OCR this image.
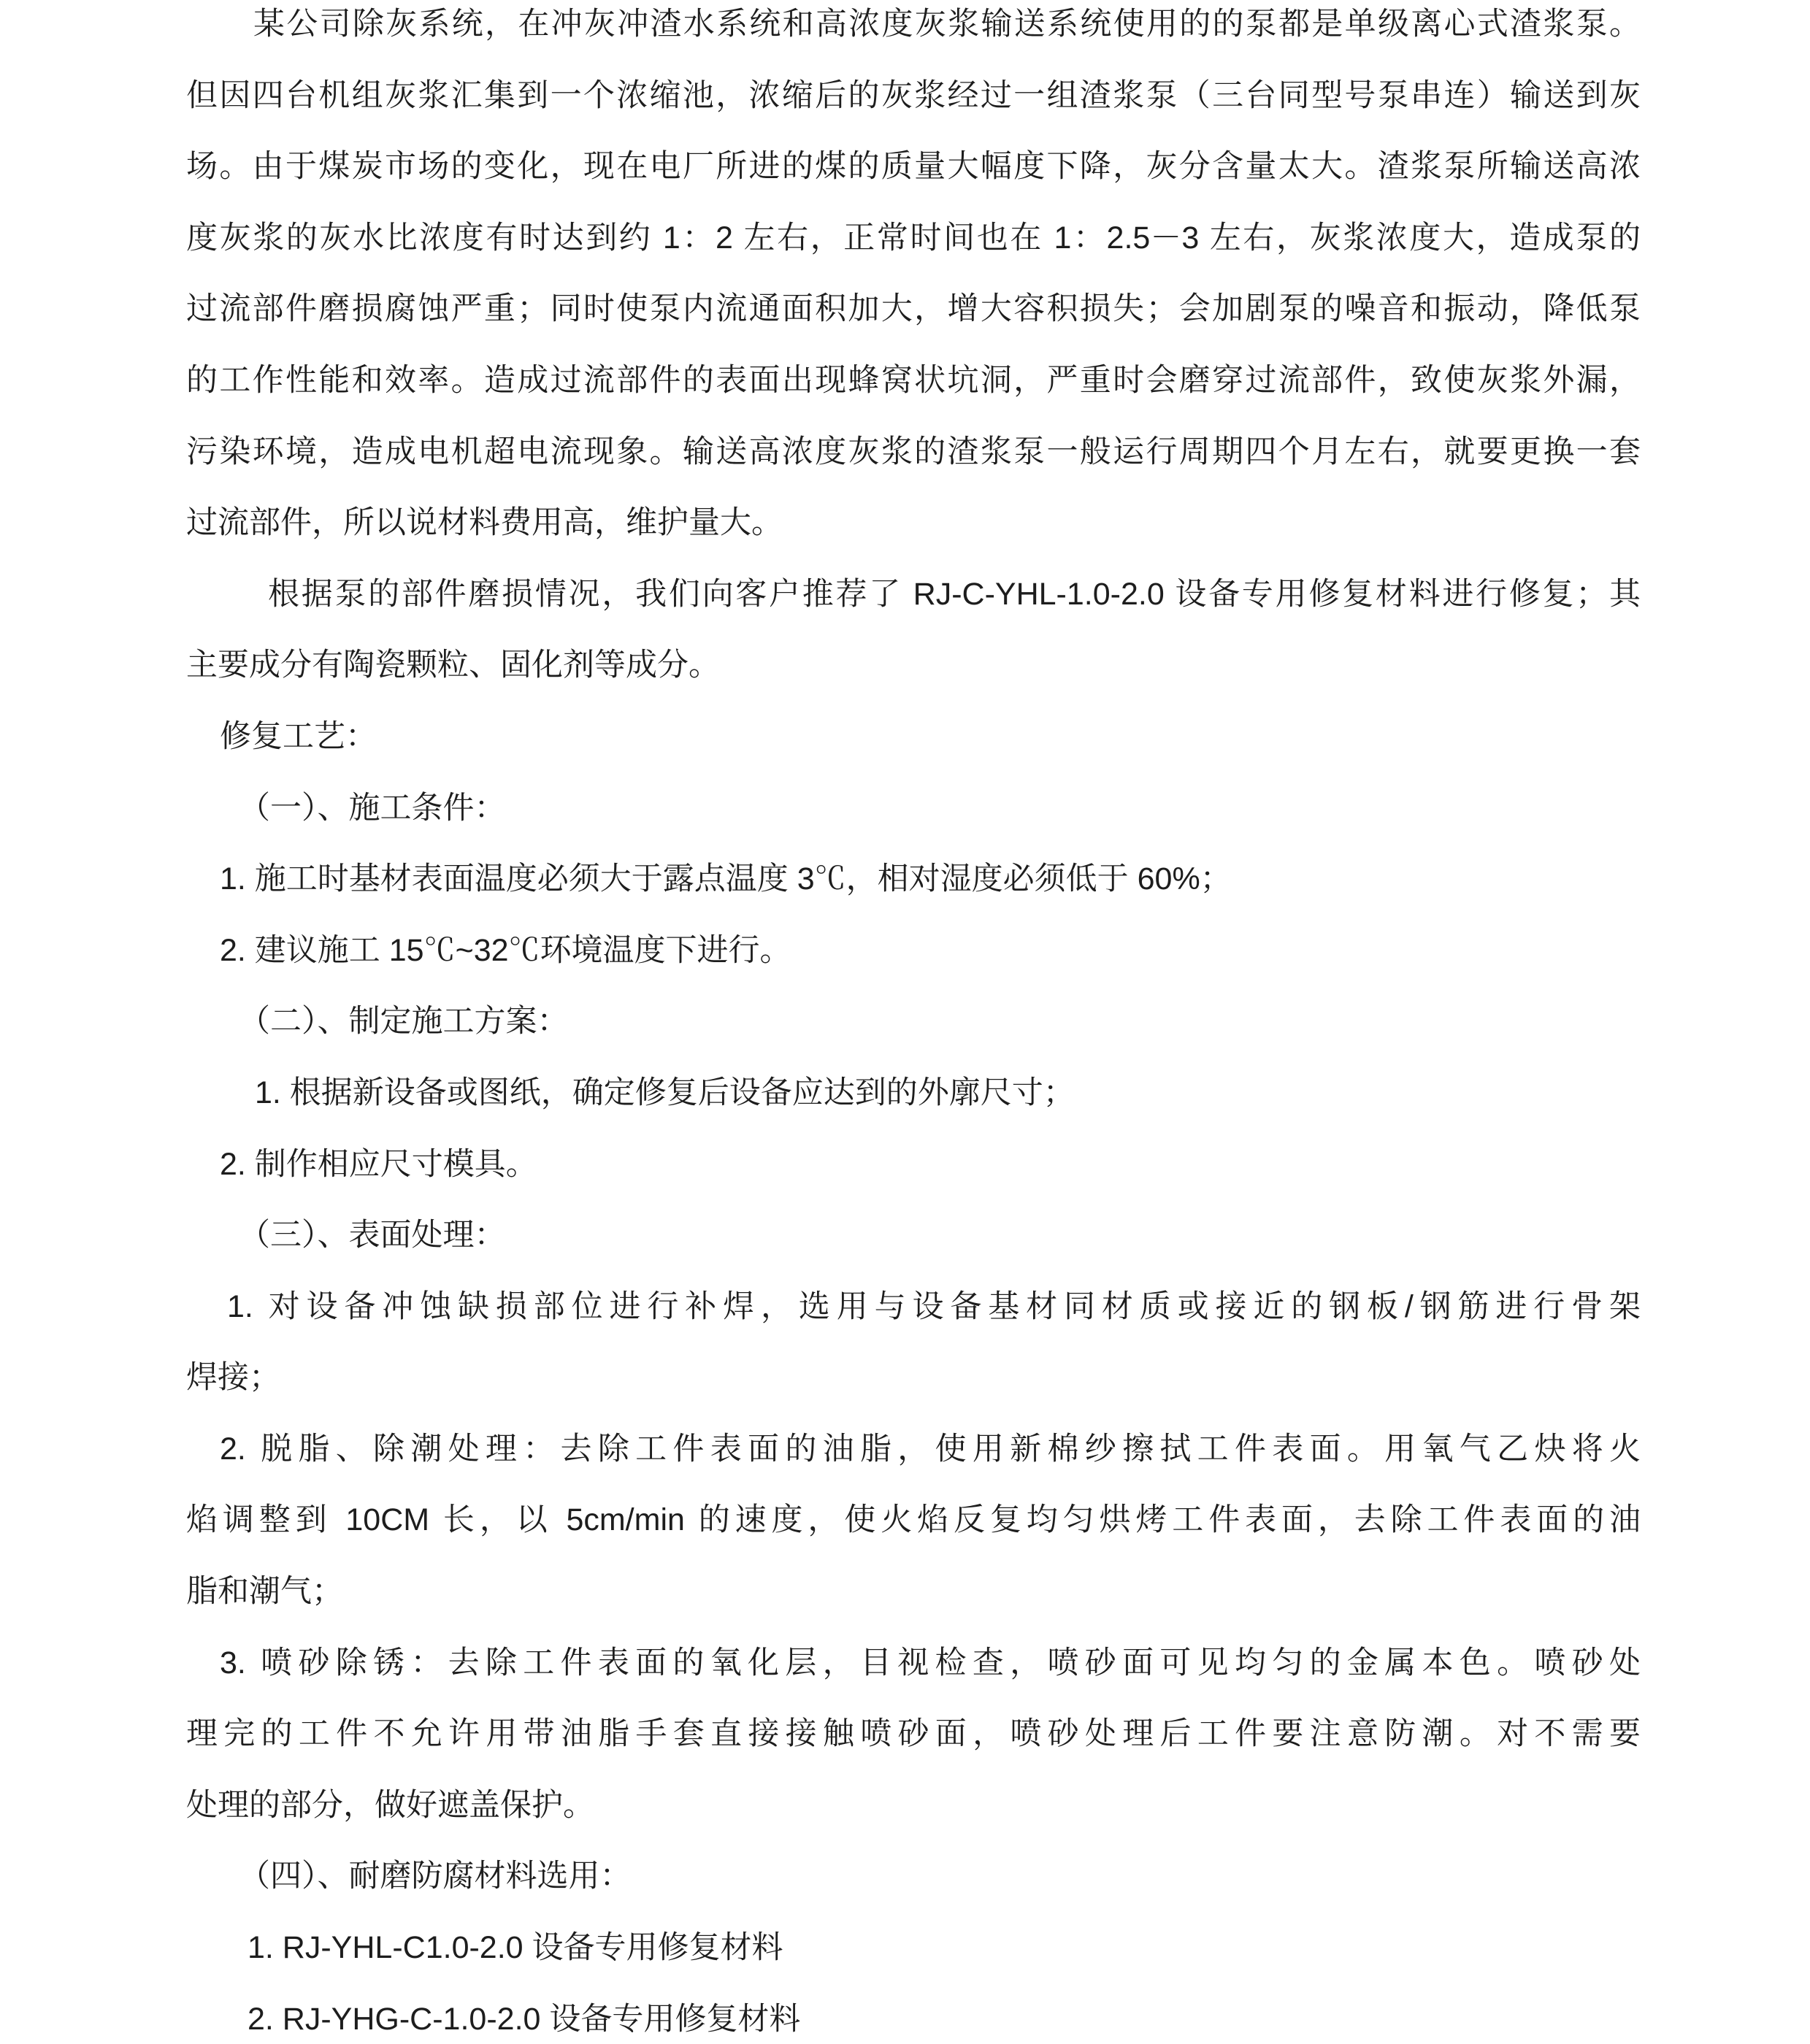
某公司除灰系统，在冲灰冲渣水系统和高浓度灰浆输送系统使用的的泵都是单级离心式渣浆泵。
但因四台机组灰浆汇集到一个浓缩池，浓缩后的灰浆经过一组渣浆泵（三台同型号泵串连）输送到灰
场。由于煤炭市场的变化，现在电厂所进的煤的质量大幅度下降，灰分含量太大。渣浆泵所输送高浓
度灰浆的灰水比浓度有时达到约 1：2 左右，正常时间也在 1：2.5－3 左右，灰浆浓度大，造成泵的
过流部件磨损腐蚀严重；同时使泵内流通面积加大，增大容积损失；会加剧泵的噪音和振动，降低泵
的工作性能和效率。造成过流部件的表面出现蜂窝状坑洞，严重时会磨穿过流部件，致使灰浆外漏，
污染环境，造成电机超电流现象。输送高浓度灰浆的渣浆泵一般运行周期四个月左右，就要更换一套
过流部件，所以说材料费用高，维护量大。
根据泵的部件磨损情况，我们向客户推荐了 RJ-C-YHL-1.0-2.0 设备专用修复材料进行修复；其
主要成分有陶瓷颗粒、固化剂等成分。
修复工艺：
（一）、施工条件：
1. 施工时基材表面温度必须大于露点温度 3℃，相对湿度必须低于 60%；
2. 建议施工 15℃~32℃环境温度下进行。
（二）、制定施工方案：
1. 根据新设备或图纸，确定修复后设备应达到的外廓尺寸；
2. 制作相应尺寸模具。
（三）、表面处理：
1. 对设备冲蚀缺损部位进行补焊，选用与设备基材同材质或接近的钢板/钢筋进行骨架
焊接；
2. 脱脂、除潮处理：去除工件表面的油脂，使用新棉纱擦拭工件表面。用氧气乙炔将火
焰调整到 10CM 长，以 5cm/min 的速度，使火焰反复均匀烘烤工件表面，去除工件表面的油
脂和潮气；
3. 喷砂除锈：去除工件表面的氧化层，目视检查，喷砂面可见均匀的金属本色。喷砂处
理完的工件不允许用带油脂手套直接接触喷砂面，喷砂处理后工件要注意防潮。对不需要
处理的部分，做好遮盖保护。
（四）、耐磨防腐材料选用：
1. RJ-YHL-C1.0-2.0 设备专用修复材料
2. RJ-YHG-C-1.0-2.0 设备专用修复材料
